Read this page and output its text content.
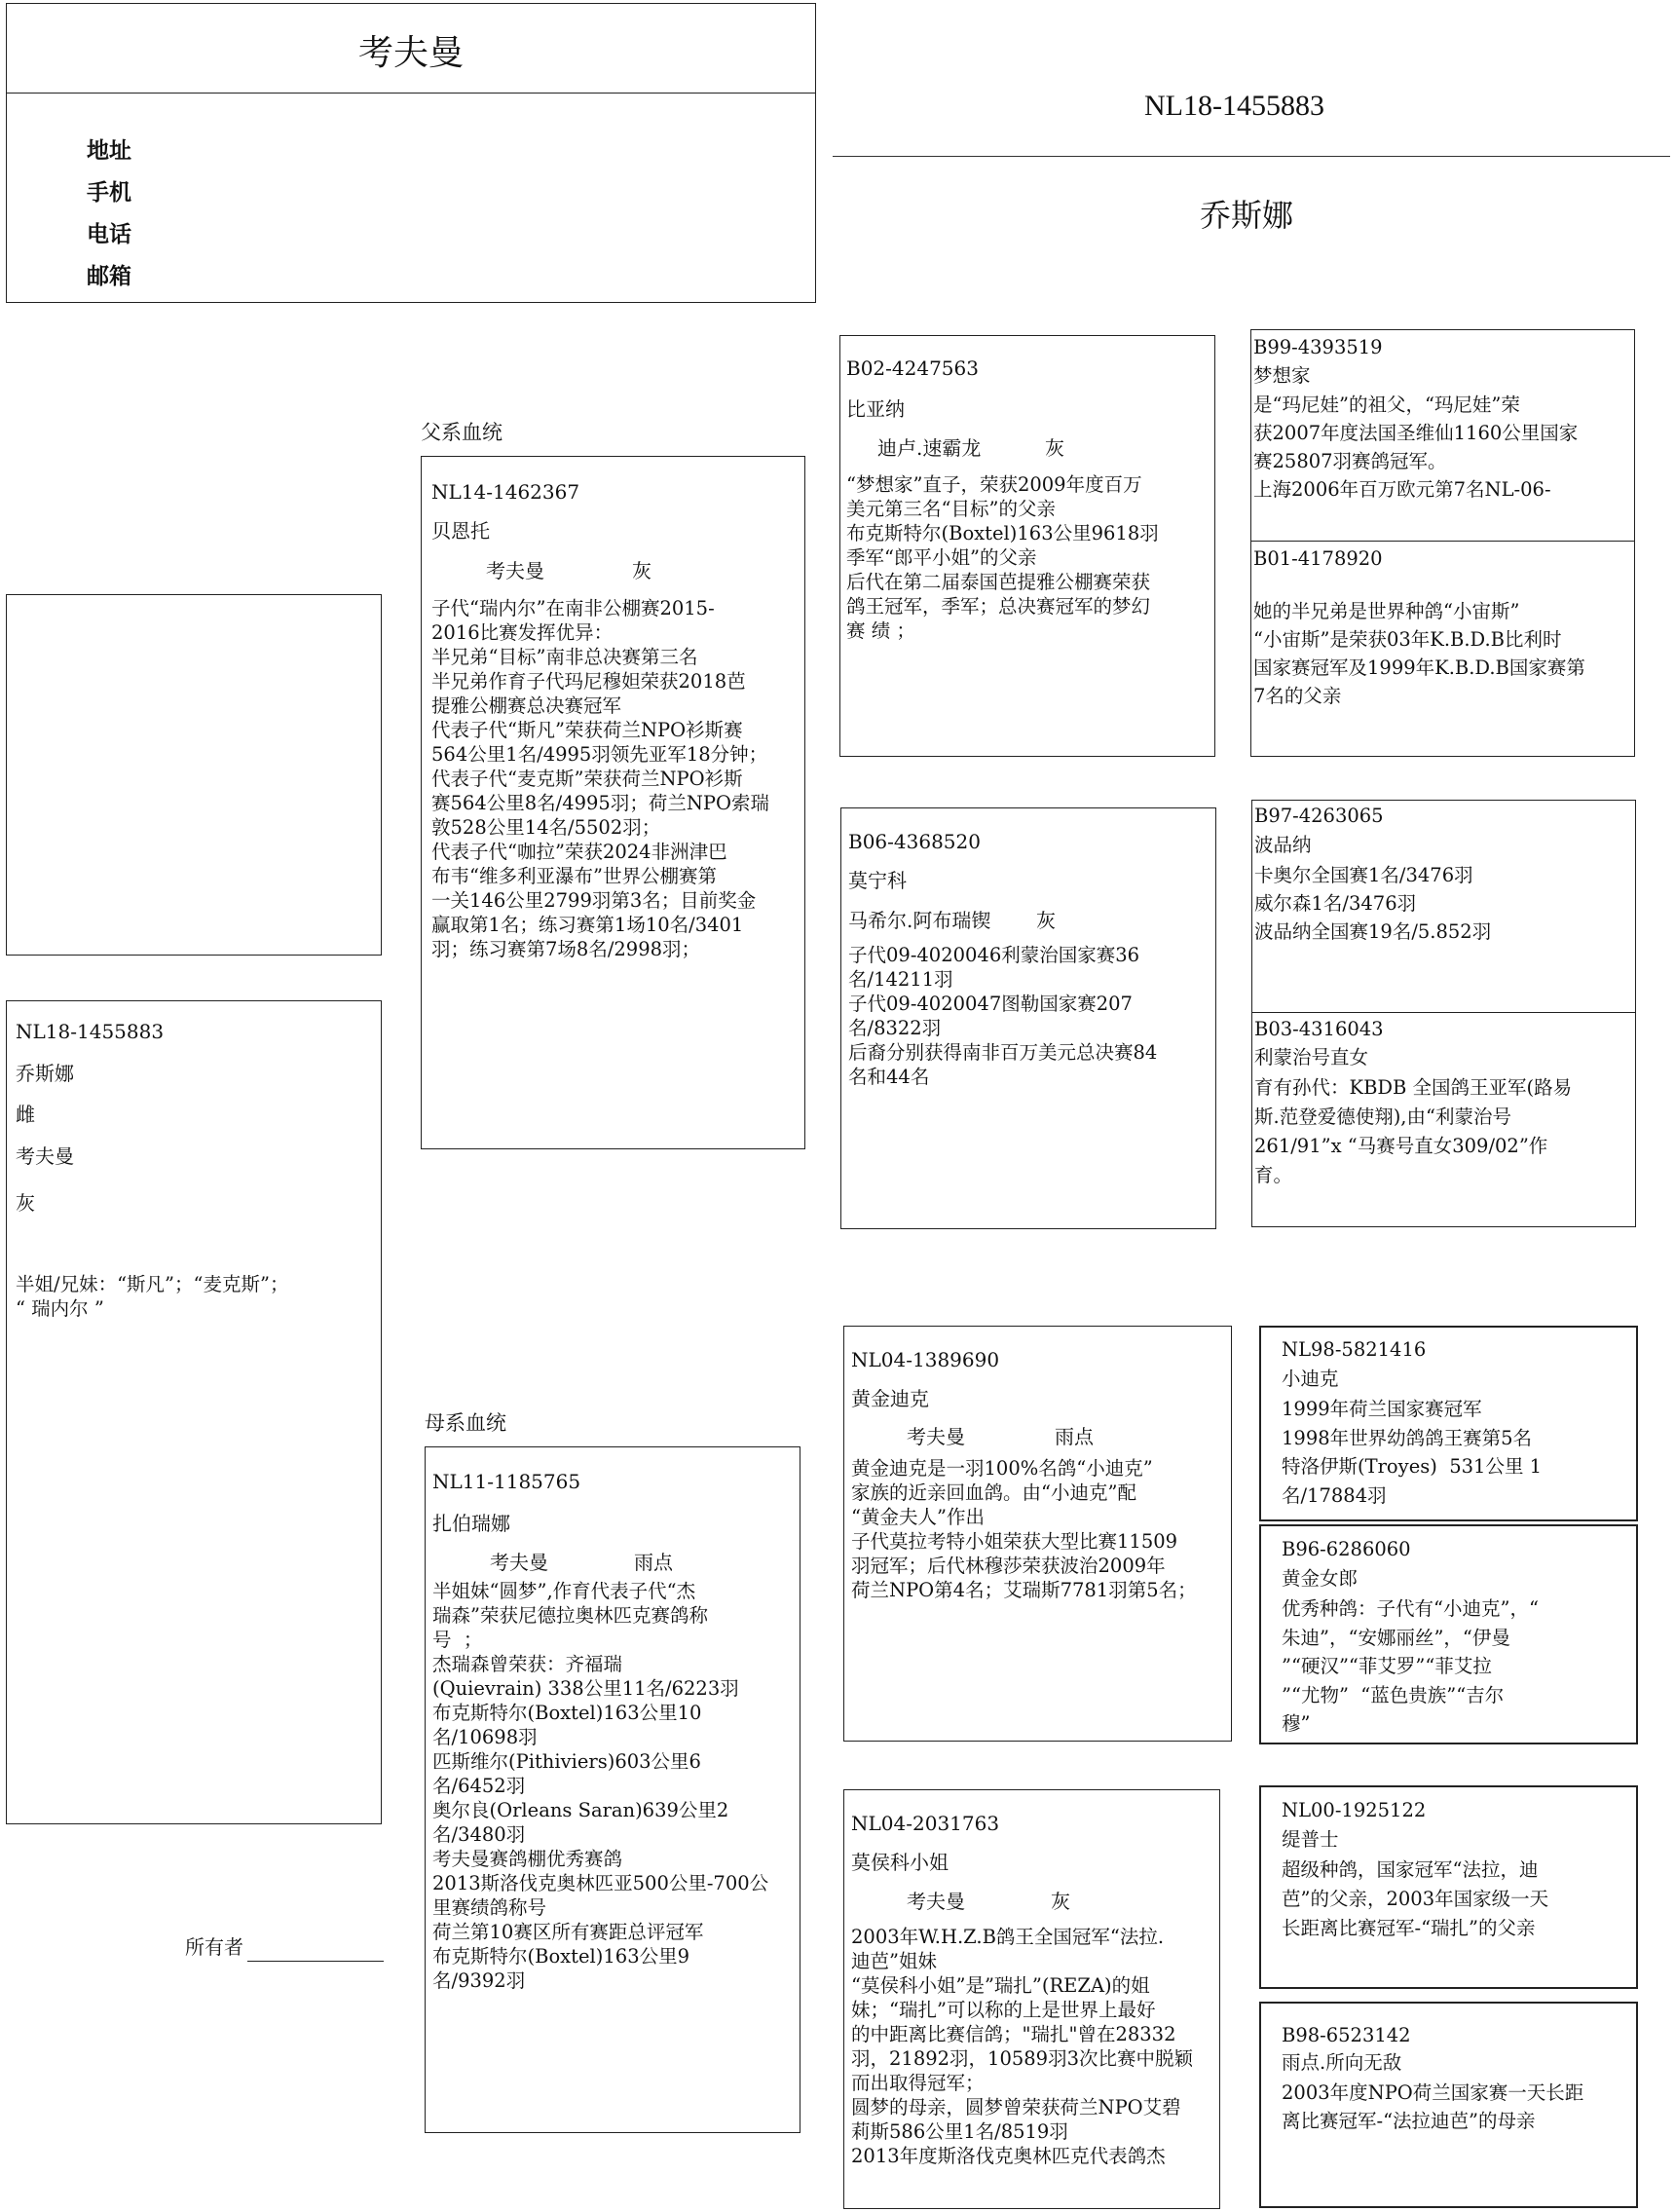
考夫曼
地址
手机
电话
邮箱
NL18-1455883
乔斯娜
NL18-1455883
乔斯娜
雌
考夫曼
灰
半姐/兄妹：“斯凡”；“麦克斯”；
“ 瑞内尔 ”
所有者
父系血统
母系血统
NL14-1462367
贝恩托
考夫曼	灰
子代“瑞内尔”在南非公棚赛2015-
2016比赛发挥优异：
半兄弟“目标”南非总决赛第三名
半兄弟作育子代玛尼穆妲荣获2018芭
提雅公棚赛总决赛冠军
代表子代“斯凡”荣获荷兰NPO衫斯赛
564公里1名/4995羽领先亚军18分钟；
代表子代“麦克斯”荣获荷兰NPO衫斯
赛564公里8名/4995羽；荷兰NPO索瑞
敦528公里14名/5502羽；
代表子代“咖拉”荣获2024非洲津巴
布韦“维多利亚瀑布”世界公棚赛第
一关146公里2799羽第3名；目前奖金
赢取第1名；练习赛第1场10名/3401
羽；练习赛第7场8名/2998羽；
NL11-1185765
扎伯瑞娜
考夫曼	雨点
半姐妹“圆梦”,作育代表子代“杰
瑞森”荣获尼德拉奥林匹克赛鸽称
号  ；
杰瑞森曾荣获：齐福瑞
(Quievrain) 338公里11名/6223羽
布克斯特尔(Boxtel)163公里10
名/10698羽
匹斯维尔(Pithiviers)603公里6
名/6452羽
奥尔良(Orleans Saran)639公里2
名/3480羽
考夫曼赛鸽棚优秀赛鸽
2013斯洛伐克奥林匹亚500公里-700公
里赛绩鸽称号
荷兰第10赛区所有赛距总评冠军
布克斯特尔(Boxtel)163公里9
名/9392羽
B02-4247563
比亚纳
迪卢.速霸龙	灰
“梦想家”直子，荣获2009年度百万
美元第三名“目标”的父亲
布克斯特尔(Boxtel)163公里9618羽
季军“郎平小姐”的父亲
后代在第二届泰国芭提雅公棚赛荣获
鸽王冠军，季军；总决赛冠军的梦幻
赛 绩 ；
B06-4368520
莫宁科
马希尔.阿布瑞锲 灰
子代09-4020046利蒙治国家赛36
名/14211羽
子代09-4020047图勒国家赛207
名/8322羽
后裔分别获得南非百万美元总决赛84
名和44名
NL04-1389690
黄金迪克
考夫曼	雨点
黄金迪克是一羽100%名鸽“小迪克”
家族的近亲回血鸽。由“小迪克”配
“黄金夫人”作出
子代莫拉考特小姐荣获大型比赛11509
羽冠军；后代林穆莎荣获波治2009年
荷兰NPO第4名；艾瑞斯7781羽第5名；
NL04-2031763
莫侯科小姐
考夫曼	灰
2003年W.H.Z.B鸽王全国冠军“法拉.
迪芭”姐妹
“莫侯科小姐”是”瑞扎”(REZA)的姐
妹；“瑞扎”可以称的上是世界上最好
的中距离比赛信鸽；"瑞扎"曾在28332
羽，21892羽，10589羽3次比赛中脱颖
而出取得冠军；
圆梦的母亲，圆梦曾荣获荷兰NPO艾碧
莉斯586公里1名/8519羽
2013年度斯洛伐克奥林匹克代表鸽杰
B99-4393519
梦想家
是“玛尼娃”的祖父，“玛尼娃”荣
获2007年度法国圣维仙1160公里国家
赛25807羽赛鸽冠军。
上海2006年百万欧元第7名NL-06-
B01-4178920
她的半兄弟是世界种鸽“小宙斯”
“小宙斯”是荣获03年K.B.D.B比利时
国家赛冠军及1999年K.B.D.B国家赛第
7名的父亲
B97-4263065
波品纳
卡奥尔全国赛1名/3476羽
威尔森1名/3476羽
波品纳全国赛19名/5.852羽
B03-4316043
利蒙治号直女
育有孙代：KBDB 全国鸽王亚军(路易
斯.范登爱德使翔),由“利蒙治号
261/91”x “马赛号直女309/02”作
育。
NL98-5821416
小迪克
1999年荷兰国家赛冠军
1998年世界幼鸽鸽王赛第5名
特洛伊斯(Troyes)  531公里 1
名/17884羽
B96-6286060
黄金女郎
优秀种鸽：子代有“小迪克”，“
朱迪”，“安娜丽丝”，“伊曼
”“硬汉”“菲艾罗”“菲艾拉
”“尤物”  “蓝色贵族”“吉尔
穆”
NL00-1925122
缇普士
超级种鸽，国家冠军“法拉，迪
芭”的父亲，2003年国家级一天
长距离比赛冠军-“瑞扎”的父亲
B98-6523142
雨点.所向无敌
2003年度NPO荷兰国家赛一天长距
离比赛冠军-“法拉迪芭”的母亲
